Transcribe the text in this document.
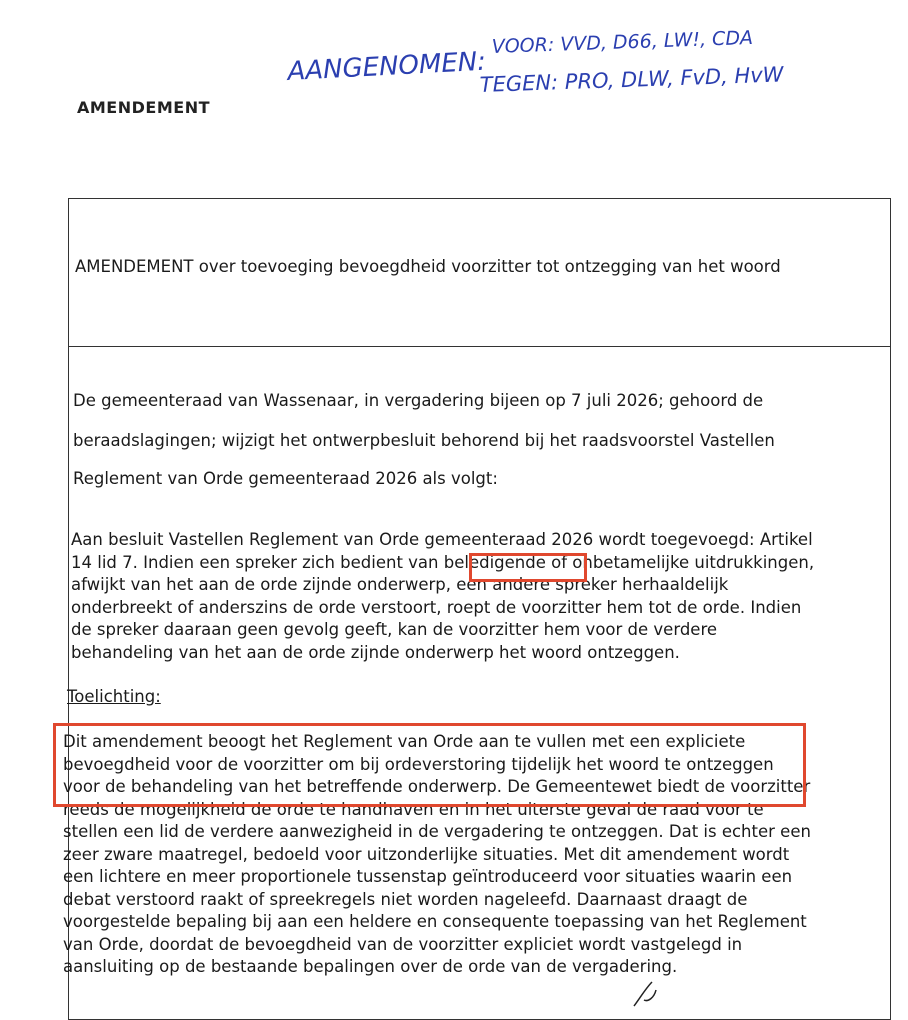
AANGENOMEN:
VOOR: VVD, D66, LW!, CDA
TEGEN: PRO, DLW, FvD, HvW
AMENDEMENT
AMENDEMENT over toevoeging bevoegdheid voorzitter tot ontzegging van het woord

De gemeenteraad van Wassenaar, in vergadering bijeen op 7 juli 2026; gehoord de

beraadslagingen; wijzigt het ontwerpbesluit behorend bij het raadsvoorstel Vastellen

Reglement van Orde gemeenteraad 2026 als volgt:

Aan besluit Vastellen Reglement van Orde gemeenteraad 2026 wordt toegevoegd: Artikel
14 lid 7. Indien een spreker zich bedient van beledigende of onbetamelijke uitdrukkingen,
afwijkt van het aan de orde zijnde onderwerp, een andere spreker herhaaldelijk
onderbreekt of anderszins de orde verstoort, roept de voorzitter hem tot de orde. Indien
de spreker daaraan geen gevolg geeft, kan de voorzitter hem voor de verdere
behandeling van het aan de orde zijnde onderwerp het woord ontzeggen.
Toelichting:
Dit amendement beoogt het Reglement van Orde aan te vullen met een expliciete
bevoegdheid voor de voorzitter om bij ordeverstoring tijdelijk het woord te ontzeggen
voor de behandeling van het betreffende onderwerp. De Gemeentewet biedt de voorzitter
reeds de mogelijkheid de orde te handhaven en in het uiterste geval de raad voor te
stellen een lid de verdere aanwezigheid in de vergadering te ontzeggen. Dat is echter een
zeer zware maatregel, bedoeld voor uitzonderlijke situaties. Met dit amendement wordt
een lichtere en meer proportionele tussenstap geïntroduceerd voor situaties waarin een
debat verstoord raakt of spreekregels niet worden nageleefd. Daarnaast draagt de
voorgestelde bepaling bij aan een heldere en consequente toepassing van het Reglement
van Orde, doordat de bevoegdheid van de voorzitter expliciet wordt vastgelegd in
aansluiting op de bestaande bepalingen over de orde van de vergadering.
